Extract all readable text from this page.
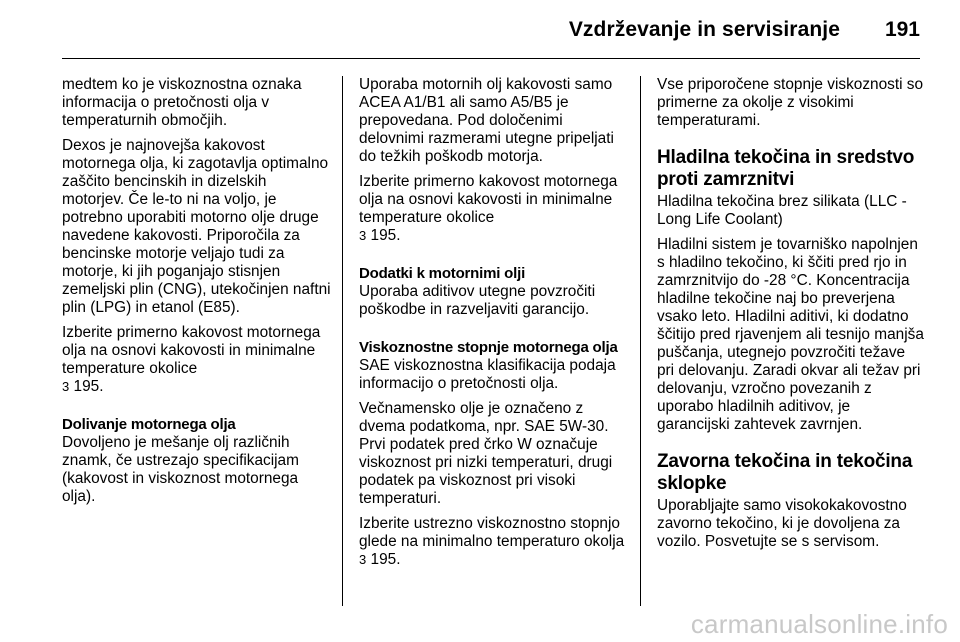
Vzdrževanje in servisiranje 191

medtem ko je viskoznostna oznaka informacija o pretočnosti olja v temperaturnih območjih.

Dexos je najnovejša kakovost motornega olja, ki zagotavlja optimalno zaščito bencinskih in dizelskih motorjev. Če le-to ni na voljo, je potrebno uporabiti motorno olje druge navedene kakovosti. Priporočila za bencinske motorje veljajo tudi za motorje, ki jih poganjajo stisnjen zemeljski plin (CNG), utekočinjen naftni plin (LPG) in etanol (E85).

Izberite primerno kakovost motornega olja na osnovi kakovosti in minimalne temperature okolice
3 195.

Dolivanje motornega olja

Dovoljeno je mešanje olj različnih znamk, če ustrezajo specifikacijam (kakovost in viskoznost motornega olja).

Uporaba motornih olj kakovosti samo ACEA A1/B1 ali samo A5/B5 je prepovedana. Pod določenimi delovnimi razmerami utegne pripeljati do težkih poškodb motorja.

Izberite primerno kakovost motornega olja na osnovi kakovosti in minimalne temperature okolice
3 195.

Dodatki k motornimi olji

Uporaba aditivov utegne povzročiti poškodbe in razveljaviti garancijo.

Viskoznostne stopnje motornega olja

SAE viskoznostna klasifikacija podaja informacijo o pretočnosti olja.

Večnamensko olje je označeno z dvema podatkoma, npr. SAE 5W-30. Prvi podatek pred črko W označuje viskoznost pri nizki temperaturi, drugi podatek pa viskoznost pri visoki temperaturi.

Izberite ustrezno viskoznostno stopnjo glede na minimalno temperaturo okolja 3 195.

Vse priporočene stopnje viskoznosti so primerne za okolje z visokimi temperaturami.

Hladilna tekočina in sredstvo proti zamrznitvi

Hladilna tekočina brez silikata (LLC - Long Life Coolant)

Hladilni sistem je tovarniško napolnjen s hladilno tekočino, ki ščiti pred rjo in zamrznitvijo do -28 °C. Koncentracija hladilne tekočine naj bo preverjena vsako leto. Hladilni aditivi, ki dodatno ščitijo pred rjavenjem ali tesnijo manjša puščanja, utegnejo povzročiti težave pri delovanju. Zaradi okvar ali težav pri delovanju, vzročno povezanih z uporabo hladilnih aditivov, je garancijski zahtevek zavrnjen.

Zavorna tekočina in tekočina sklopke

Uporabljajte samo visokokakovostno zavorno tekočino, ki je dovoljena za vozilo. Posvetujte se s servisom.

carmanualsonline.info
